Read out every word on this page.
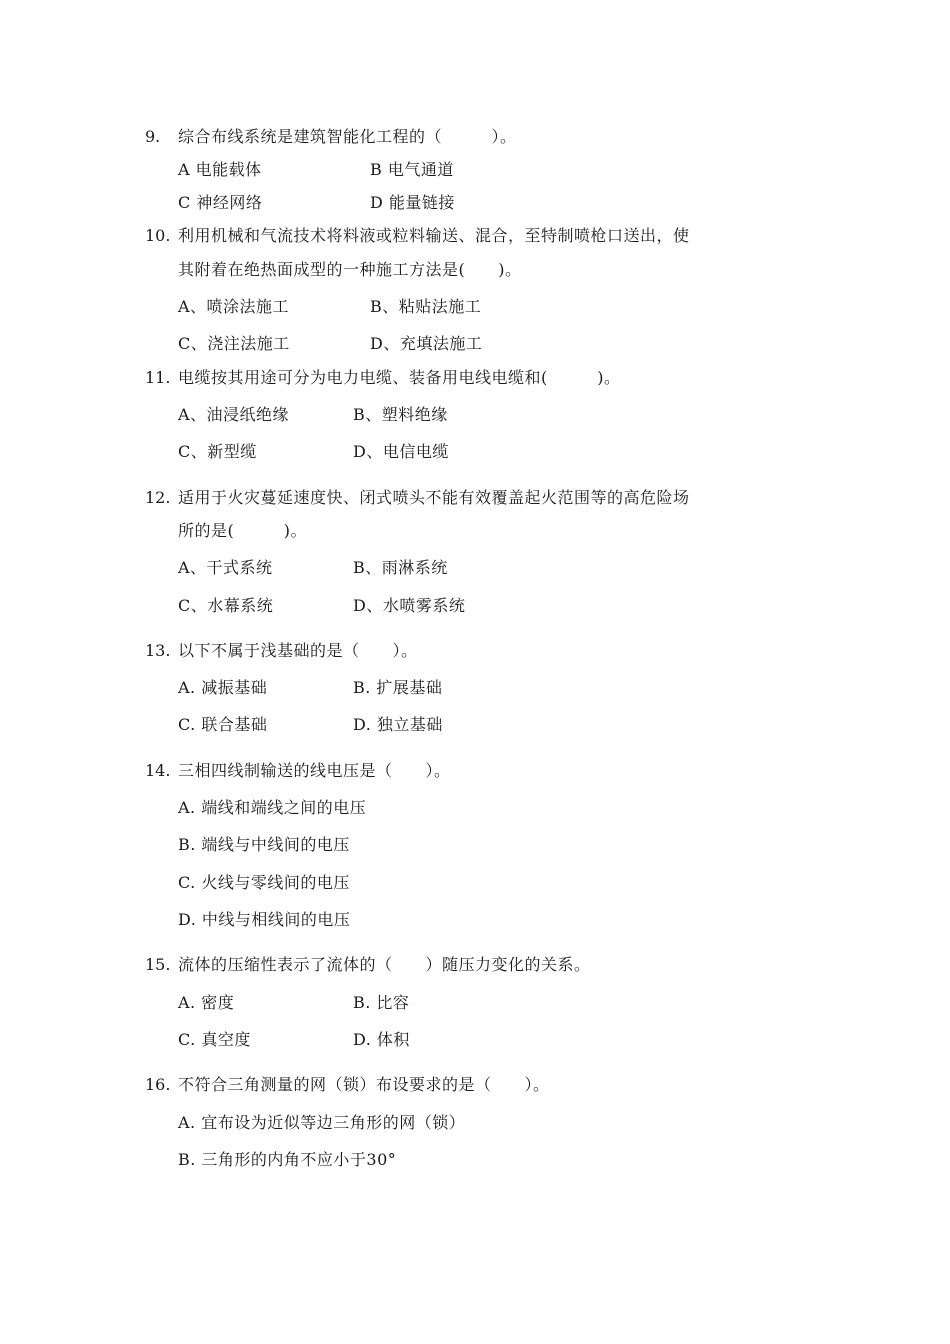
9. 综合布线系统是建筑智能化工程的（　　　）。
A 电能载体	B 电气通道
C 神经网络	D 能量链接
10. 利用机械和气流技术将料液或粒料输送、混合，至特制喷枪口送出，使
其附着在绝热面成型的一种施工方法是(　　)。
A、喷涂法施工	B、粘贴法施工
C、浇注法施工	D、充填法施工
11. 电缆按其用途可分为电力电缆、装备用电线电缆和(　　　)。
A、油浸纸绝缘	B、塑料绝缘
C、新型缆	D、电信电缆
12. 适用于火灾蔓延速度快、闭式喷头不能有效覆盖起火范围等的高危险场
所的是(　　　)。
A、干式系统	B、雨淋系统
C、水幕系统	D、水喷雾系统
13. 以下不属于浅基础的是（　　）。
A. 减振基础	B. 扩展基础
C. 联合基础	D. 独立基础
14. 三相四线制输送的线电压是（　　）。
A. 端线和端线之间的电压
B. 端线与中线间的电压
C. 火线与零线间的电压
D. 中线与相线间的电压
15. 流体的压缩性表示了流体的（　　）随压力变化的关系。
A. 密度	B. 比容
C. 真空度	D. 体积
16. 不符合三角测量的网（锁）布设要求的是（　　）。
A. 宜布设为近似等边三角形的网（锁）
B. 三角形的内角不应小于30°
